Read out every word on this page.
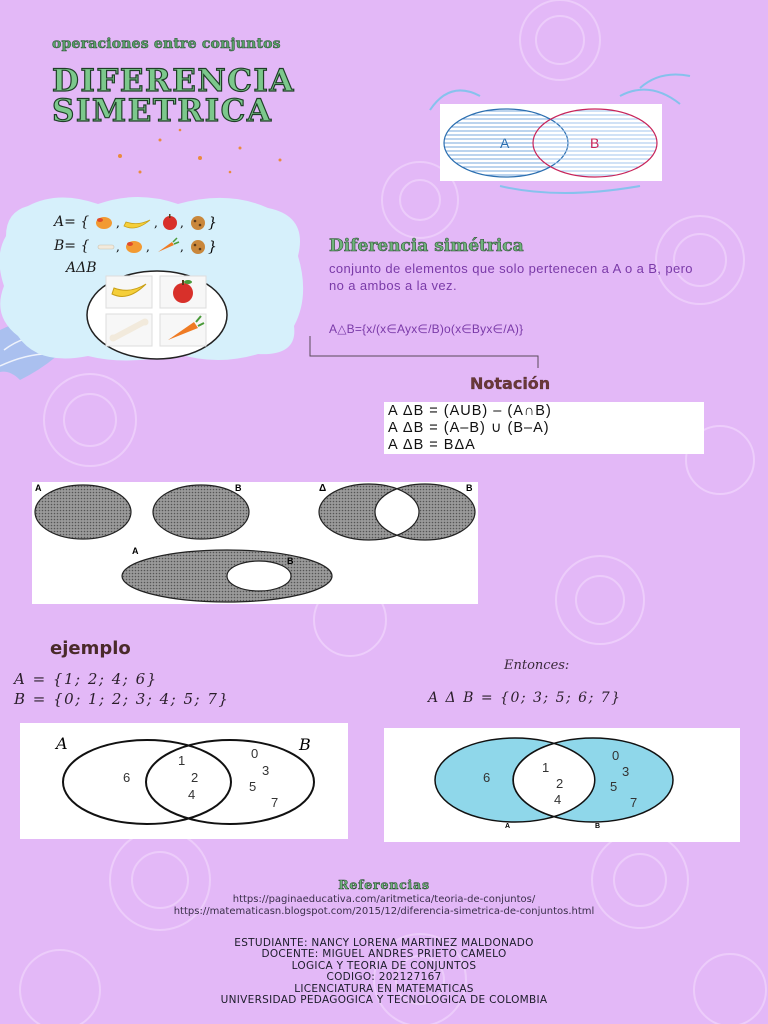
operaciones entre conjuntos
DIFERENCIA
SIMETRICA
A	B
A= {
B= {
AΔB
,	, , }
, ,	, }	Diferencia simétrica
conjunto de elementos que solo pertenecen a A o a B, pero no a ambos a la vez.
A△B={x/(x∈Ayx∈/B)o(x∈Byx∈/A)}
Notación
A ΔB = (AUB) – (A∩B)
A ΔB = (A–B) ∪ (B–A)
A ΔB = BΔA
A	B	Δ	B
A
B
ejemplo
A = {1; 2; 4; 6}
B = {0; 1; 2; 3; 4; 5; 7}
Entonces:
A Δ B = {0; 3; 5; 6; 7}
A	B
6
1
2
4
0
3
5
7
A	B
6
1
2
4
0
3
5
7
Referencias
https://paginaeducativa.com/aritmetica/teoria-de-conjuntos/
https://matematicasn.blogspot.com/2015/12/diferencia-simetrica-de-conjuntos.html
ESTUDIANTE: NANCY LORENA MARTINEZ MALDONADO
DOCENTE: MIGUEL ANDRES PRIETO CAMELO
LOGICA Y TEORIA DE CONJUNTOS
CODIGO: 20212716​7
LICENCIATURA EN MATEMATICAS
UNIVERSIDAD PEDAGOGICA Y TECNOLOGICA DE COLOMBIA
